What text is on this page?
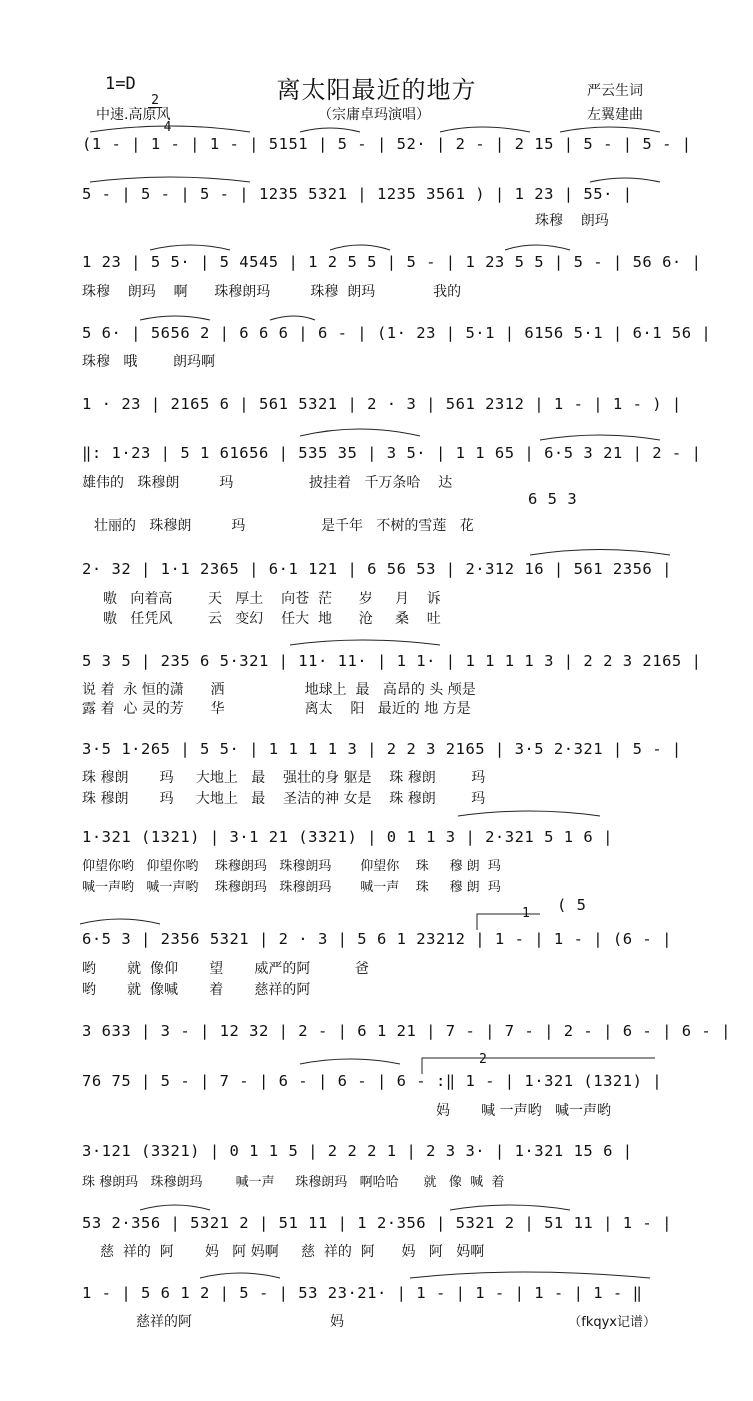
1=D

2

4

离太阳最近的地方	严云生词
中速.高原风	（宗庸卓玛演唱）	左翼建曲
(1 - | 1 - | 1 - | 5151 | 5 - | 52· | 2 - | 2 15 | 5 - | 5 - |
5 - | 5 - | 5 - | 1235 5321 | 1235 3561 ) | 1 23 | 55· |
珠穆    朗玛
1 23 | 5 5· | 5 4545 | 1 2 5 5 | 5 - | 1 23 5 5 | 5 - | 56 6· |
珠穆    朗玛    啊      珠穆朗玛         珠穆  朗玛             我的
5 6· | 5656 2 | 6 6 6 | 6 - | (1· 23 | 5·1 | 6156 5·1 | 6·1 56 |
珠穆   哦        朗玛啊
1 · 23 | 2165 6 | 561 5321 | 2 · 3 | 561 2312 | 1 - | 1 - ) |
‖: 1·23 | 5 1 61656 | 535 35 | 3 5· | 1 1 65 | 6·5 3 21 | 2 - |
雄伟的   珠穆朗         玛                 披挂着   千万条哈    达
6 5 3
壮丽的   珠穆朗         玛                 是千年   不树的雪莲   花
2· 32 | 1·1 2365 | 6·1 121 | 6 56 53 | 2·312 16 | 561 2356 |
嗷   向着高        天   厚土    向苍  茫      岁     月    诉
嗷   任凭风        云   变幻    任大  地      沧     桑    吐
5 3 5 | 235 6 5·321 | 11· 11· | 1 1· | 1 1 1 1 3 | 2 2 3 2165 |
说 着  永 恒的潇      洒                  地球上  最   高昂的 头 颅是
露 着  心 灵的芳      华                  离太    阳   最近的 地 方是
3·5 1·265 | 5 5· | 1 1 1 1 3 | 2 2 3 2165 | 3·5 2·321 | 5 - |
珠 穆朗       玛     大地上   最    强壮的身 躯是    珠 穆朗        玛
珠 穆朗       玛     大地上   最    圣洁的神 女是    珠 穆朗        玛
1·321 (1321) | 3·1 21 (3321) | 0 1 1 3 | 2·321 5 1 6 |
仰望你哟   仰望你哟    珠穆朗玛   珠穆朗玛       仰望你    珠     穆 朗  玛
喊一声哟   喊一声哟    珠穆朗玛   珠穆朗玛       喊一声    珠     穆 朗  玛
1 ( 5
6·5 3 | 2356 5321 | 2 · 3 | 5 6 1 23212 | 1 - | 1 - | (6 - |
哟       就  像仰       望       威严的阿          爸
哟       就  像喊       着       慈祥的阿
3 633 | 3 - | 12 32 | 2 - | 6 1 21 | 7 - | 7 - | 2 - | 6 - | 6 - |
2
76 75 | 5 - | 7 - | 6 - | 6 - | 6 - :‖ 1 - | 1·321 (1321) |
妈       喊 一声哟   喊一声哟
3·121 (3321) | 0 1 1 5 | 2 2 2 1 | 2 3 3· | 1·321 15 6 |
珠 穆朗玛   珠穆朗玛        喊一声     珠穆朗玛   啊哈哈      就   像  喊  着
53 2·356 | 5321 2 | 51 11 | 1 2·356 | 5321 2 | 51 11 | 1 - |
慈  祥的  阿       妈   阿 妈啊     慈  祥的  阿      妈   阿   妈啊
1 - | 5 6 1 2 | 5 - | 53 23·21· | 1 - | 1 - | 1 - | 1 - ‖
慈祥的阿                               妈	（fkqyx记谱）
